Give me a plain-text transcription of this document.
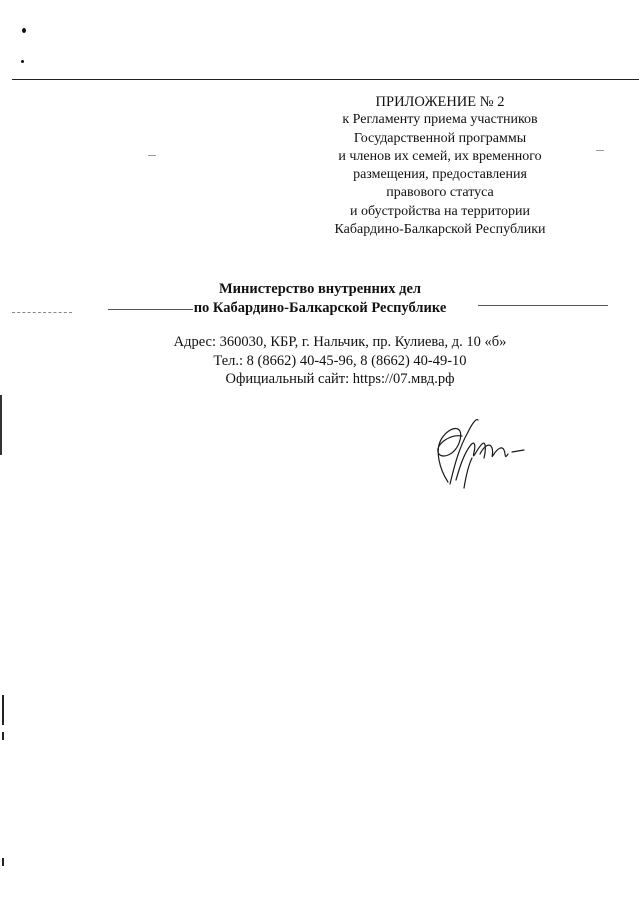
ПРИЛОЖЕНИЕ № 2
к Регламенту приема участников
Государственной программы
и членов их семей, их временного
размещения, предоставления
правового статуса
и обустройства на территории
Кабардино-Балкарской Республики
Министерство внутренних дел
по Кабардино-Балкарской Республике
Адрес: 360030, КБР, г. Нальчик, пр. Кулиева, д. 10 «б»
Тел.: 8 (8662) 40-45-96, 8 (8662) 40-49-10
Официальный сайт: https://07.мвд.рф
